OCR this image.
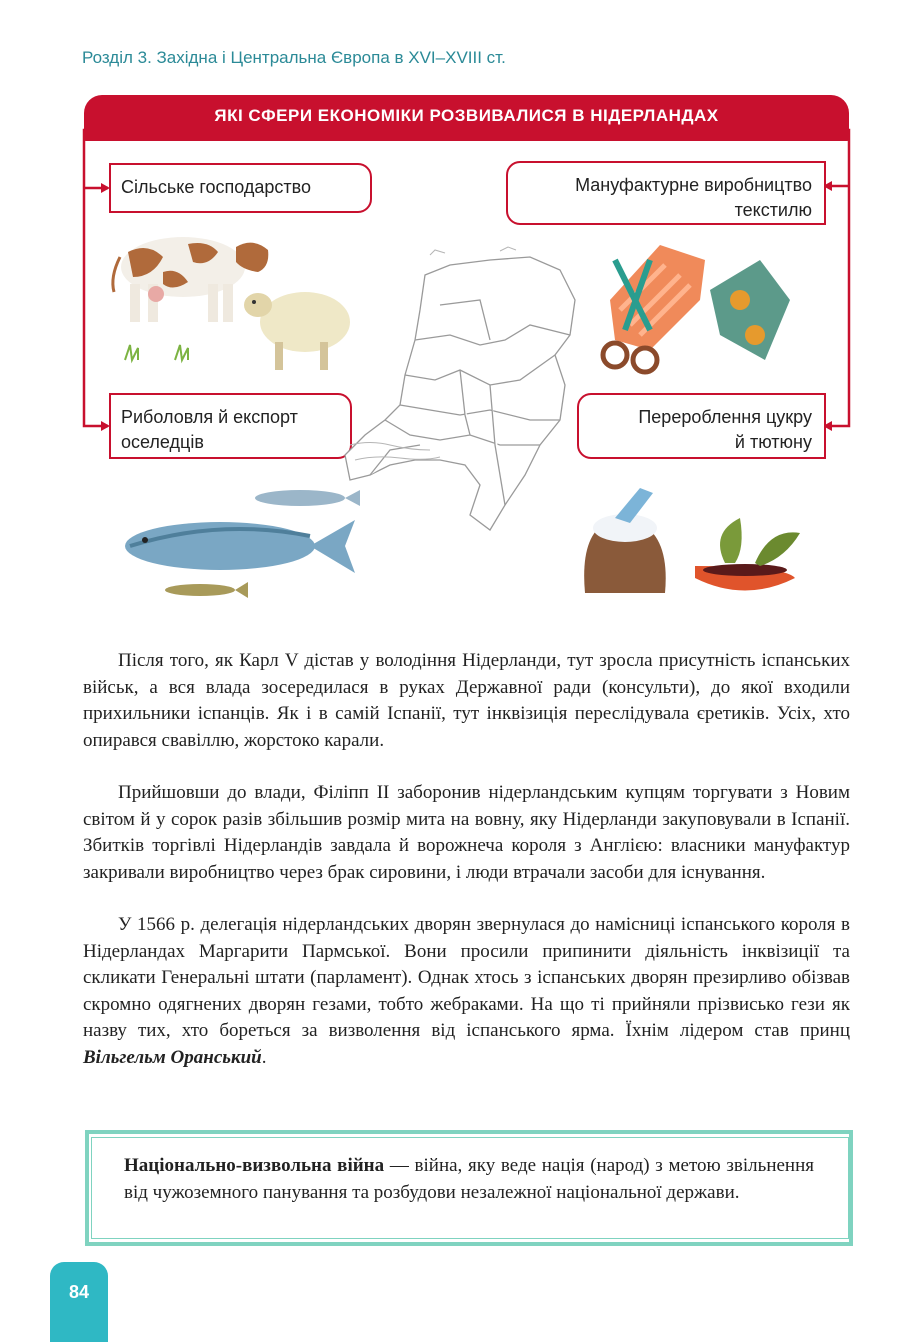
Розділ 3. Західна і Центральна Європа в XVI–XVIII ст.
ЯКІ СФЕРИ ЕКОНОМІКИ РОЗВИВАЛИСЯ В НІДЕРЛАНДАХ
Сільське господарство	Мануфактурне виробництво
текстилю
Риболовля й експорт
оселедців
Перероблення цукру
й тютюну

Після того, як Карл V дістав у володіння Нідерланди, тут зросла присутність іспанських військ, а вся влада зосередилася в руках Державної ради (консульти), до якої входили прихильники іспанців. Як і в самій Іспанії, тут інквізиція переслідувала єретиків. Усіх, хто опирався свавіллю, жорстоко карали.

Прийшовши до влади, Філіпп II заборонив нідерландським купцям торгувати з Новим світом й у сорок разів збільшив розмір мита на вовну, яку Нідерланди закуповували в Іспанії. Збитків торгівлі Нідерландів завдала й ворожнеча короля з Англією: власники мануфактур закривали виробництво через брак сировини, і люди втрачали засоби для існування.

У 1566 р. делегація нідерландських дворян звернулася до намісниці іспанського короля в Нідерландах Маргарити Пармської. Вони просили припинити діяльність інквізиції та скликати Генеральні штати (парламент). Однак хтось з іспанських дворян презирливо обізвав скромно одягнених дворян гезами, тобто жебраками. На що ті прийняли прізвисько гези як назву тих, хто бореться за визволення від іспанського ярма. Їхнім лідером став принц Вільгельм Оранський.

Національно-визвольна війна — війна, яку веде нація (народ) з метою звільнення від чужоземного панування та розбудови незалежної національної держави.
84
